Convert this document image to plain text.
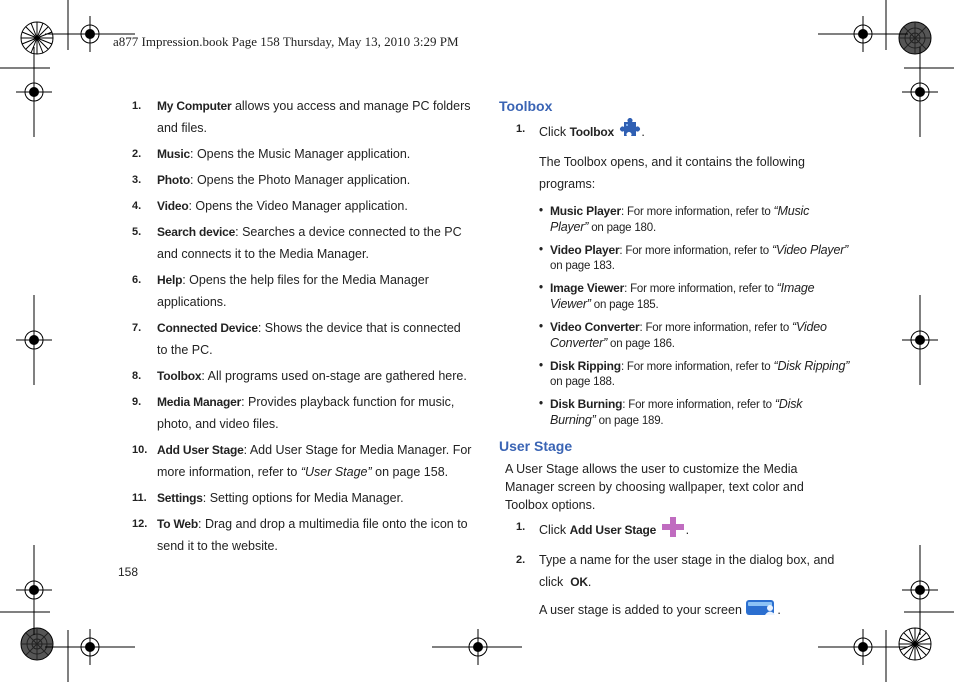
a877 Impression.book Page 158 Thursday, May 13, 2010 3:29 PM
1. My Computer allows you access and manage PC folders and files.
2. Music: Opens the Music Manager application.
3. Photo: Opens the Photo Manager application.
4. Video: Opens the Video Manager application.
5. Search device: Searches a device connected to the PC and connects it to the Media Manager.
6. Help: Opens the help files for the Media Manager applications.
7. Connected Device: Shows the device that is connected to the PC.
8. Toolbox: All programs used on-stage are gathered here.
9. Media Manager: Provides playback function for music, photo, and video files.
10. Add User Stage: Add User Stage for Media Manager. For more information, refer to “User Stage” on page 158.
11. Settings: Setting options for Media Manager.
12. To Web: Drag and drop a multimedia file onto the icon to send it to the website.
Toolbox
1. Click Toolbox .
The Toolbox opens, and it contains the following programs:
• Music Player: For more information, refer to “Music Player” on page 180.
• Video Player: For more information, refer to “Video Player” on page 183.
• Image Viewer: For more information, refer to “Image Viewer” on page 185.
• Video Converter: For more information, refer to “Video Converter” on page 186.
• Disk Ripping: For more information, refer to “Disk Ripping” on page 188.
• Disk Burning: For more information, refer to “Disk Burning” on page 189.
User Stage
A User Stage allows the user to customize the Media Manager screen by choosing wallpaper, text color and Toolbox options.
1. Click Add User Stage .
2. Type a name for the user stage in the dialog box, and click  OK.
A user stage is added to your screen	.
158
